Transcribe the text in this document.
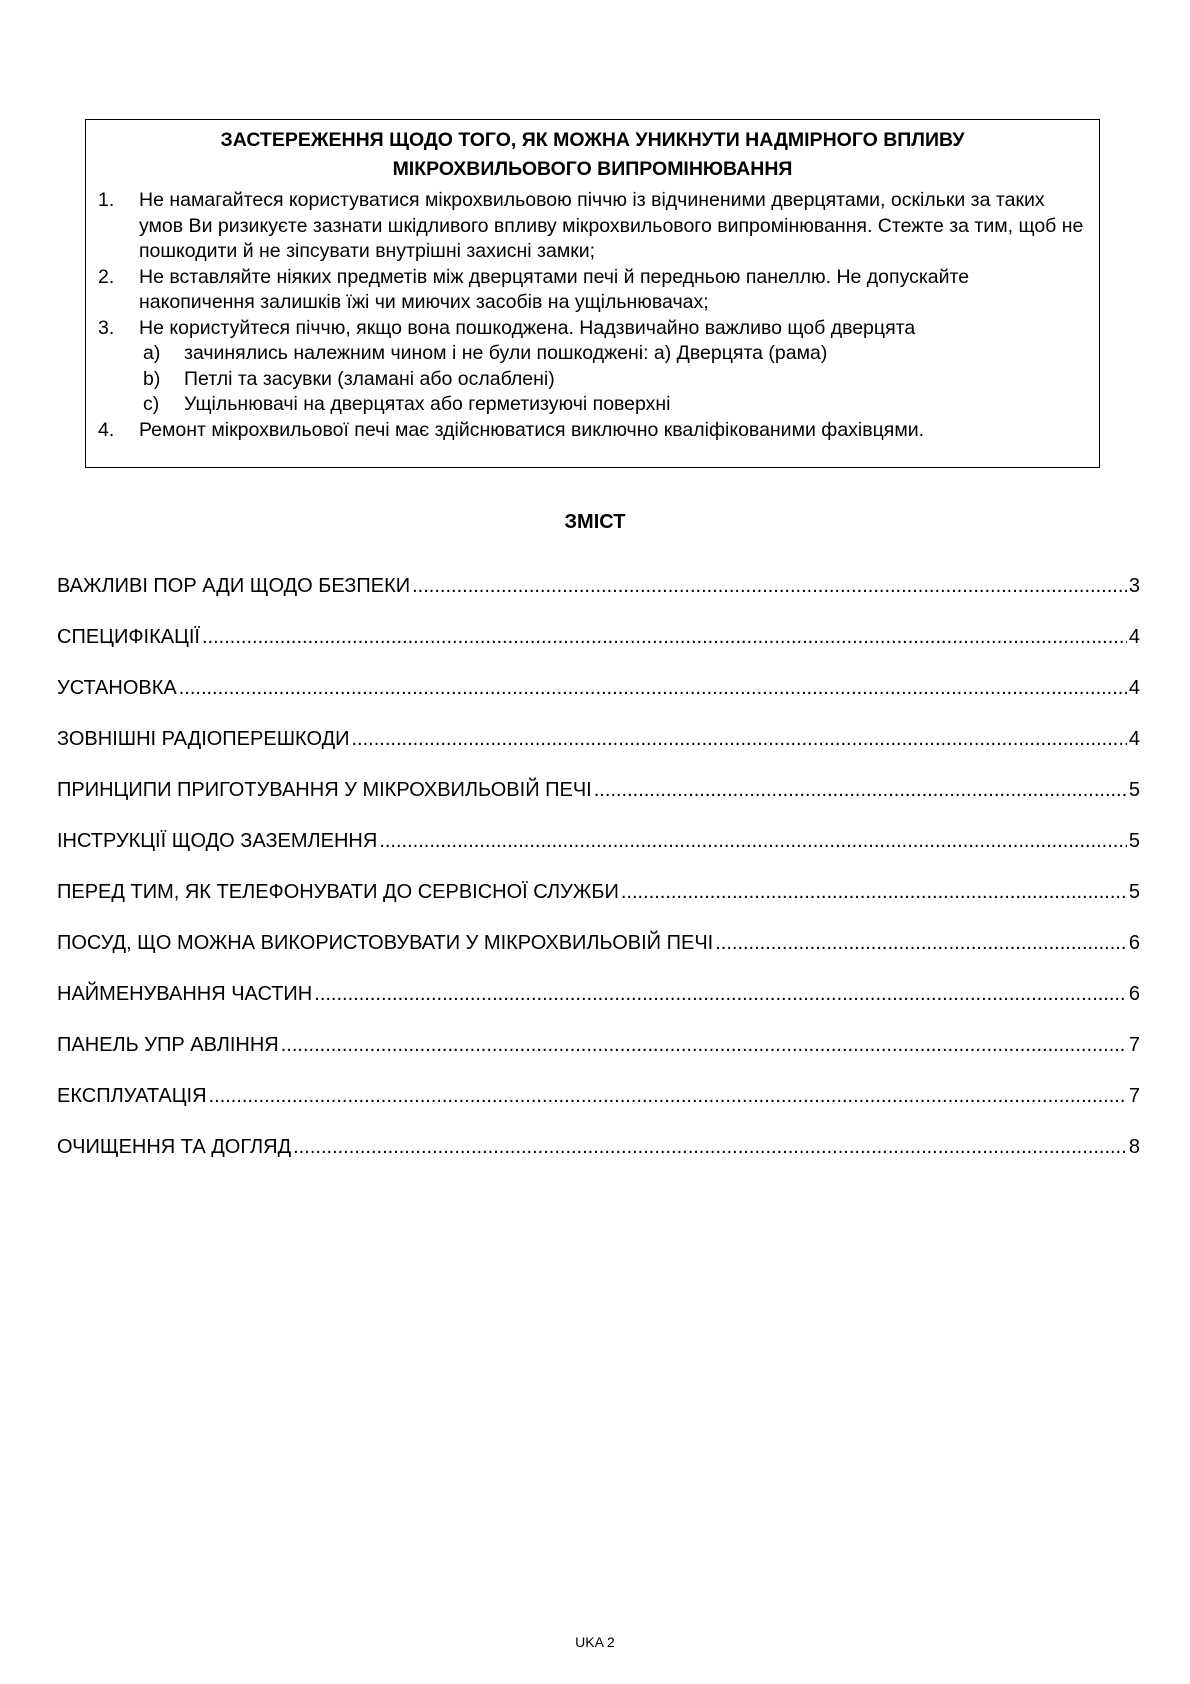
ЗАСТЕРЕЖЕННЯ ЩОДО ТОГО, ЯК МОЖНА УНИКНУТИ НАДМІРНОГО ВПЛИВУ
МІКРОХВИЛЬОВОГО ВИПРОМІНЮВАННЯ
1.	Не намагайтеся користуватися мікрохвильовою піччю із відчиненими дверцятами, оскільки за таких умов Ви ризикуєте зазнати шкідливого впливу мікрохвильового випромінювання. Стежте за тим, щоб не пошкодити й не зіпсувати внутрішні захисні замки;
2.	Не вставляйте ніяких предметів між дверцятами печі й передньою панеллю. Не допускайте накопичення залишків їжі чи миючих засобів на ущільнювачах;
3.	Не користуйтеся піччю, якщо вона пошкоджена. Надзвичайно важливо щоб дверцята
a)	зачинялись належним чином і не були пошкоджені: а) Дверцята (рама)
b)	Петлі та засувки (зламані або ослаблені)
c)	Ущільнювачі на дверцятах або герметизуючі поверхні
4.	Ремонт мікрохвильової печі має здійснюватися виключно кваліфікованими фахівцями.
ЗМІСТ
ВАЖЛИВІ ПОР АДИ ЩОДО БЕЗПЕКИ .....	3
СПЕЦИФІКАЦІЇ .....	4
УСТАНОВКА .....	4
ЗОВНІШНІ РАДІОПЕРЕШКОДИ .....	4
ПРИНЦИПИ ПРИГОТУВАННЯ У МІКРОХВИЛЬОВІЙ ПЕЧІ .....	5
ІНСТРУКЦІЇ ЩОДО ЗАЗЕМЛЕННЯ .....	5
ПЕРЕД ТИМ, ЯК ТЕЛЕФОНУВАТИ ДО СЕРВІСНОЇ СЛУЖБИ .....	5
ПОСУД, ЩО МОЖНА ВИКОРИСТОВУВАТИ У МІКРОХВИЛЬОВІЙ ПЕЧІ .....	6
НАЙМЕНУВАННЯ ЧАСТИН .....	6
ПАНЕЛЬ УПР АВЛІННЯ .....	7
ЕКСПЛУАТАЦІЯ .....	7
ОЧИЩЕННЯ ТА ДОГЛЯД .....	8
UKA 2
